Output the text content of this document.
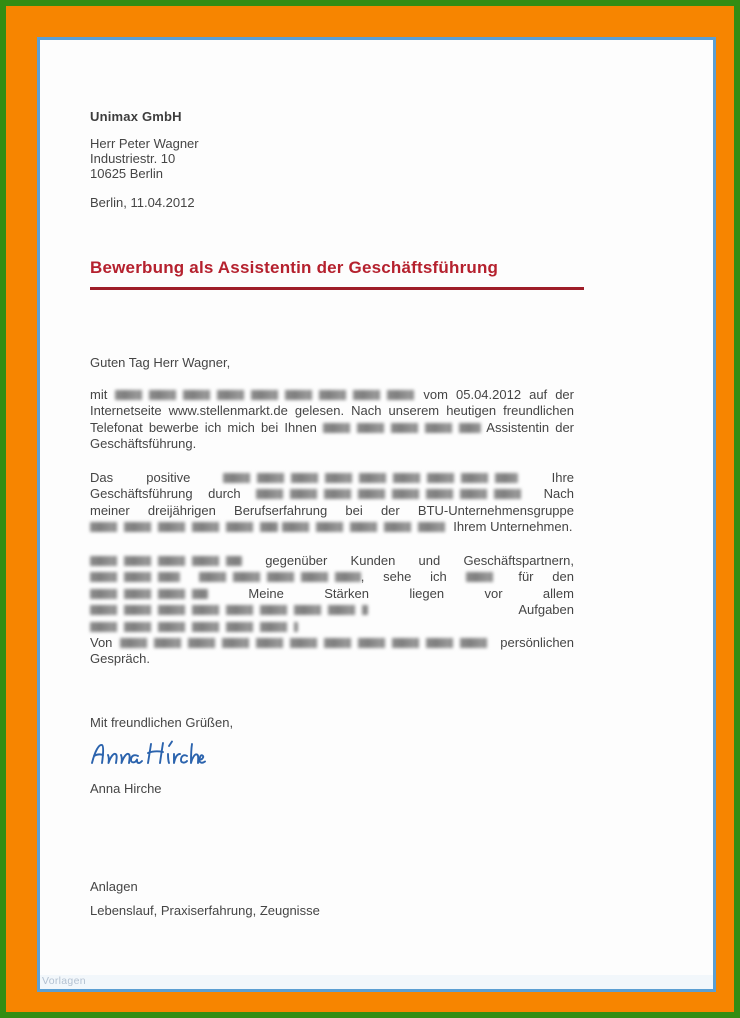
Unimax GmbH
Herr Peter Wagner
Industriestr. 10
10625 Berlin
Berlin, 11.04.2012
Bewerbung als Assistentin der Geschäftsführung
Guten Tag Herr Wagner,
mit	vom 05.04.2012 auf der Internetseite www.stellenmarkt.de gelesen. Nach unserem heutigen freundlichen Telefonat bewerbe ich mich bei Ihnen	Assistentin der Geschäftsführung.
Das positive	Ihre Geschäftsführung durch	Nach meiner dreijährigen Berufserfahrung bei der BTU-Unternehmensgruppe   Ihrem Unternehmen.
gegenüber Kunden und Geschäftspartnern,  , sehe ich	für den  Meine Stärken liegen vor allem  Aufgaben
Von	persönlichen Gespräch.
Mit freundlichen Grüßen,
Anna Hirche
Anlagen
Lebenslauf, Praxiserfahrung, Zeugnisse
Vorlagen
